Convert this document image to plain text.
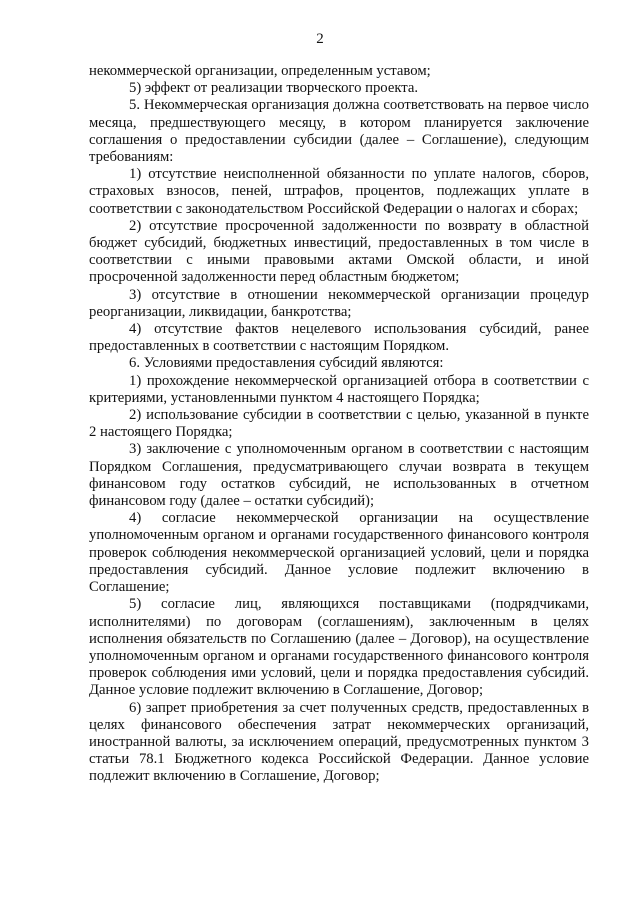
2

некоммерческой организации, определенным уставом;

5) эффект от реализации творческого проекта.

5. Некоммерческая организация должна соответствовать на первое число месяца, предшествующего месяцу, в котором планируется заключение соглашения о предоставлении субсидии (далее – Соглашение), следующим требованиям:

1) отсутствие неисполненной обязанности по уплате налогов, сборов, страховых взносов, пеней, штрафов, процентов, подлежащих уплате в соответствии с законодательством Российской Федерации о налогах и сборах;

2) отсутствие просроченной задолженности по возврату в областной бюджет субсидий, бюджетных инвестиций, предоставленных в том числе в соответствии с иными правовыми актами Омской области, и иной просроченной задолженности перед областным бюджетом;

3) отсутствие в отношении некоммерческой организации процедур реорганизации, ликвидации, банкротства;

4) отсутствие фактов нецелевого использования субсидий, ранее предоставленных в соответствии с настоящим Порядком.

6. Условиями предоставления субсидий являются:

1) прохождение некоммерческой организацией отбора в соответствии с критериями, установленными пунктом 4 настоящего Порядка;

2) использование субсидии в соответствии с целью, указанной в пункте 2 настоящего Порядка;

3) заключение с уполномоченным органом в соответствии с настоящим Порядком Соглашения, предусматривающего случаи возврата в текущем финансовом году остатков субсидий, не использованных в отчетном финансовом году (далее – остатки субсидий);

4) согласие некоммерческой организации на осуществление уполномоченным органом и органами государственного финансового контроля проверок соблюдения некоммерческой организацией условий, цели и порядка предоставления субсидий. Данное условие подлежит включению в Соглашение;

5) согласие лиц, являющихся поставщиками (подрядчиками, исполнителями) по договорам (соглашениям), заключенным в целях исполнения обязательств по Соглашению (далее – Договор), на осуществление уполномоченным органом и органами государственного финансового контроля проверок соблюдения ими условий, цели и порядка предоставления субсидий. Данное условие подлежит включению в Соглашение, Договор;

6) запрет приобретения за счет полученных средств, предоставленных в целях финансового обеспечения затрат некоммерческих организаций, иностранной валюты, за исключением операций, предусмотренных пунктом 3 статьи 78.1 Бюджетного кодекса Российской Федерации. Данное условие подлежит включению в Соглашение, Договор;
